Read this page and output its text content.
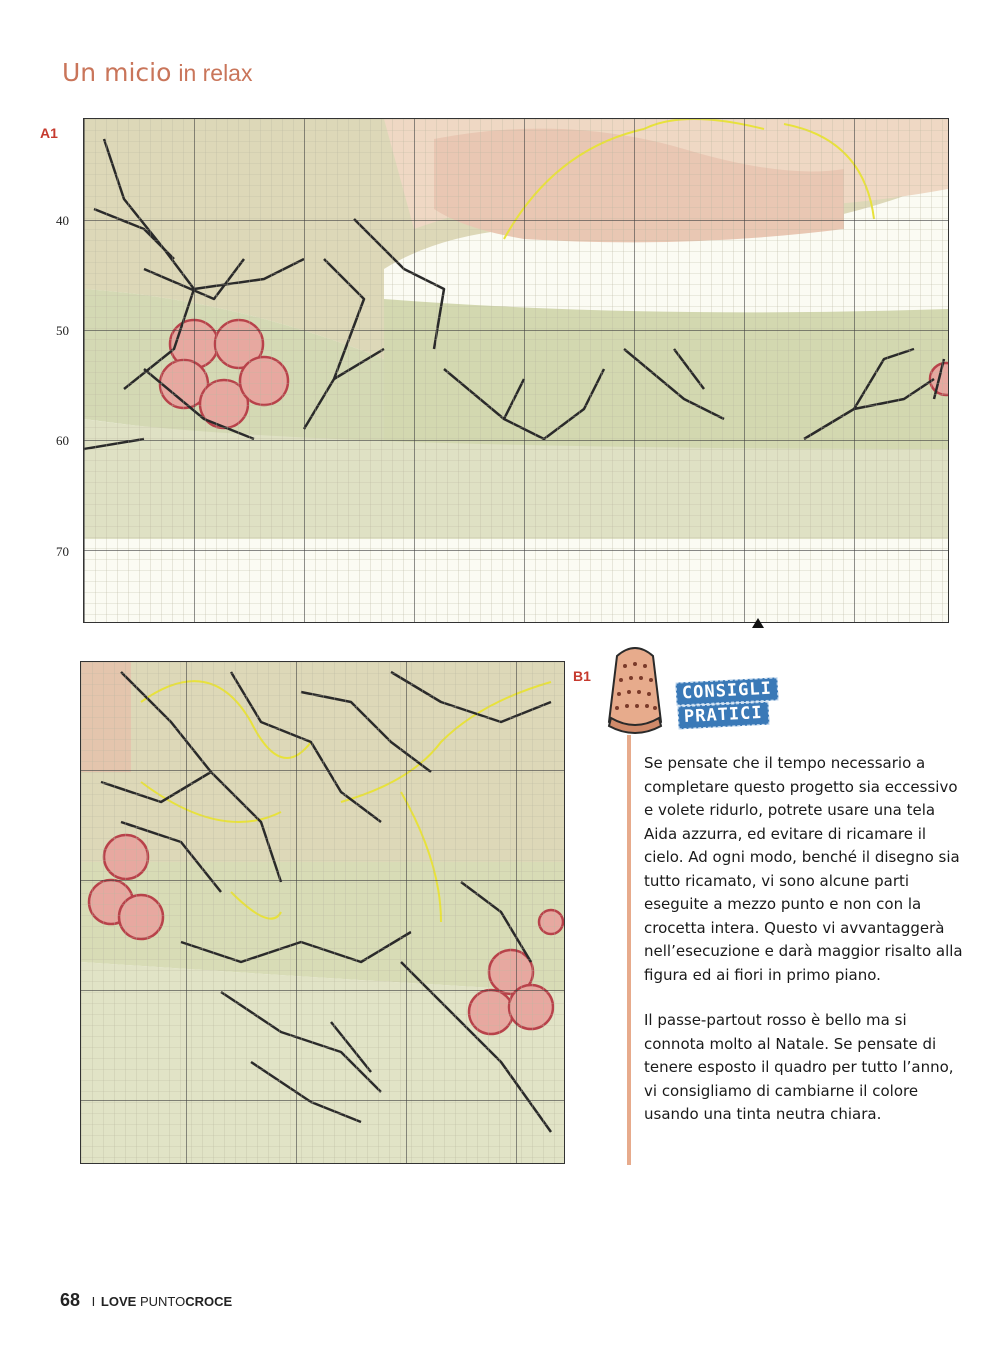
Un micio in relax
A1
40
50
60
70
B1
CONSIGLI
PRATICI

Se pensate che il tempo necessario a completare questo progetto sia eccessivo e volete ridurlo, potrete usare una tela Aida azzurra, ed evitare di ricamare il cielo. Ad ogni modo, benché il disegno sia tutto ricamato, vi sono alcune parti eseguite a mezzo punto e non con la crocetta intera. Questo vi avvantaggerà nell’esecuzione e darà maggior risalto alla figura ed ai fiori in primo piano.

Il passe-partout rosso è bello ma si connota molto al Natale. Se pensate di tenere esposto il quadro per tutto l’anno, vi consigliamo di cambiarne il colore usando una tinta neutra chiara.

68 I LOVE PUNTOCROCE
